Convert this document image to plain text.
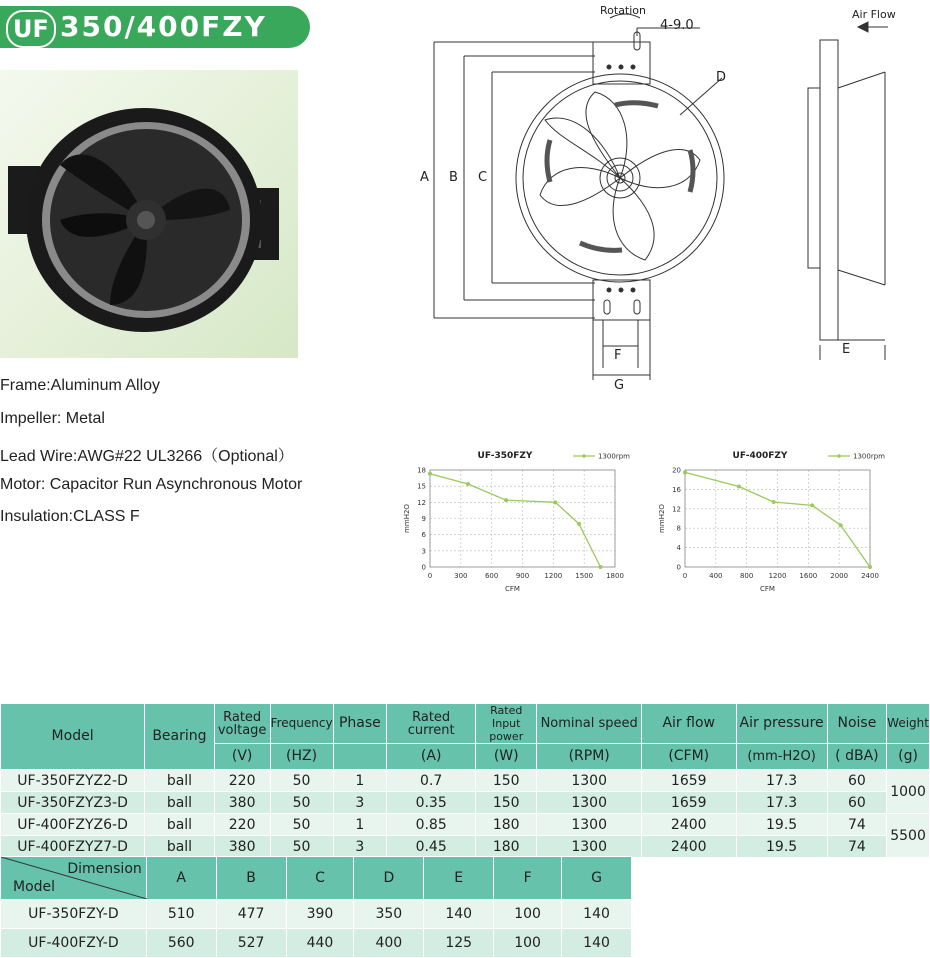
UF 350/400FZY
Frame:Aluminum Alloy
Impeller: Metal
Lead Wire:AWG#22 UL3266（Optional）
Motor: Capacitor Run Asynchronous Motor
Insulation:CLASS F
Rotation
4-9.0
Air Flow
A B C
D
E
F
G
UF-350FZY
0
3
6
9
12
15
18
0	300 600 900 1200 1500 1800
CFM
mmH2O
1300rpm	UF-400FZY
0
4
8
12
16
20
0	400 800 1200 1600 2000 2400
CFM
mmH2O
1300rpm
Model	Bearing	Rated voltage	Frequency	Phase	Rated current	Rated Input power	Nominal speed	Air flow	Air pressure	Noise	Weight
		(V)	(HZ)		(A)	(W)	(RPM)	(CFM)	(mm-H2O)	( dBA)	(g)
UF-350FZYZ2-D	ball	220	50	1	0.7	150	1300	1659	17.3	60	1000
UF-350FZYZ3-D	ball	380	50	3	0.35	150	1300	1659	17.3	60	
UF-400FZYZ6-D	ball	220	50	1	0.85	180	1300	2400	19.5	74	5500
UF-400FZYZ7-D	ball	380	50	3	0.45	180	1300	2400	19.5	74	
Dimension
Model	A	B	C	D	E	F	G
UF-350FZY-D	510	477	390	350	140	100	140
UF-400FZY-D	560	527	440	400	125	100	140
